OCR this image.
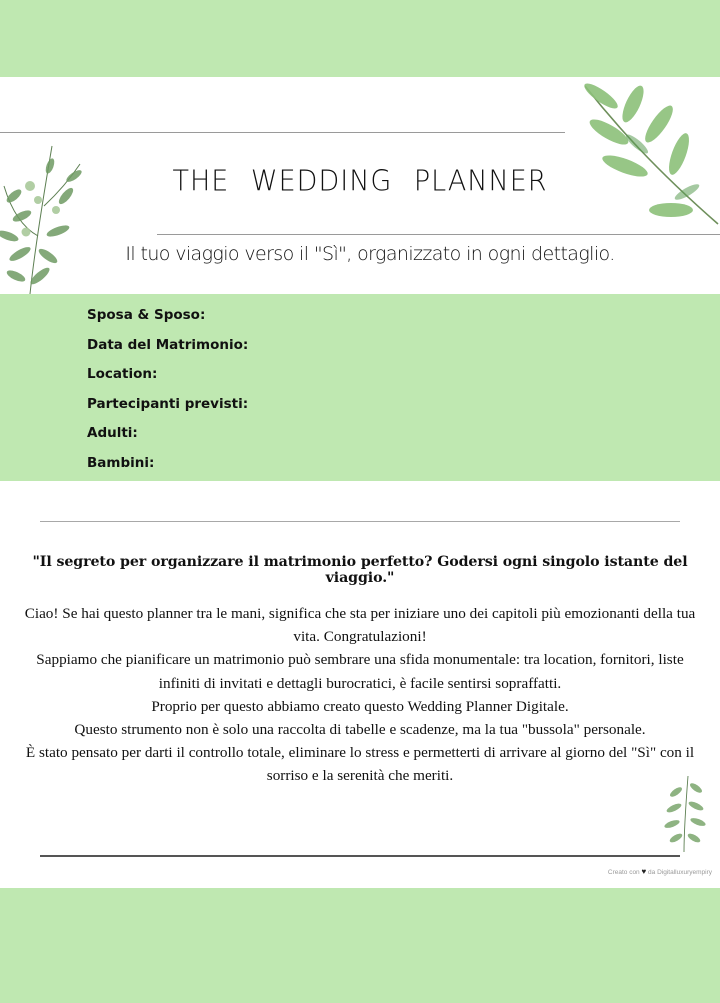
THE WEDDING PLANNER
Il tuo viaggio verso il "Sì", organizzato in ogni dettaglio.
Sposa & Sposo:
Data del Matrimonio:
Location:
Partecipanti previsti:
Adulti:
Bambini:
"Il segreto per organizzare il matrimonio perfetto? Godersi ogni singolo istante del viaggio."

Ciao! Se hai questo planner tra le mani, significa che sta per iniziare uno dei capitoli più emozionanti della tua

vita. Congratulazioni!

Sappiamo che pianificare un matrimonio può sembrare una sfida monumentale: tra location, fornitori, liste

infiniti di invitati e dettagli burocratici, è facile sentirsi sopraffatti.

Proprio per questo abbiamo creato questo Wedding Planner Digitale.

Questo strumento non è solo una raccolta di tabelle e scadenze, ma la tua "bussola" personale.

È stato pensato per darti il controllo totale, eliminare lo stress e permetterti di arrivare al giorno del "Sì" con il

sorriso e la serenità che meriti.

Creato con ♥ da Digitalluxuryempiry
